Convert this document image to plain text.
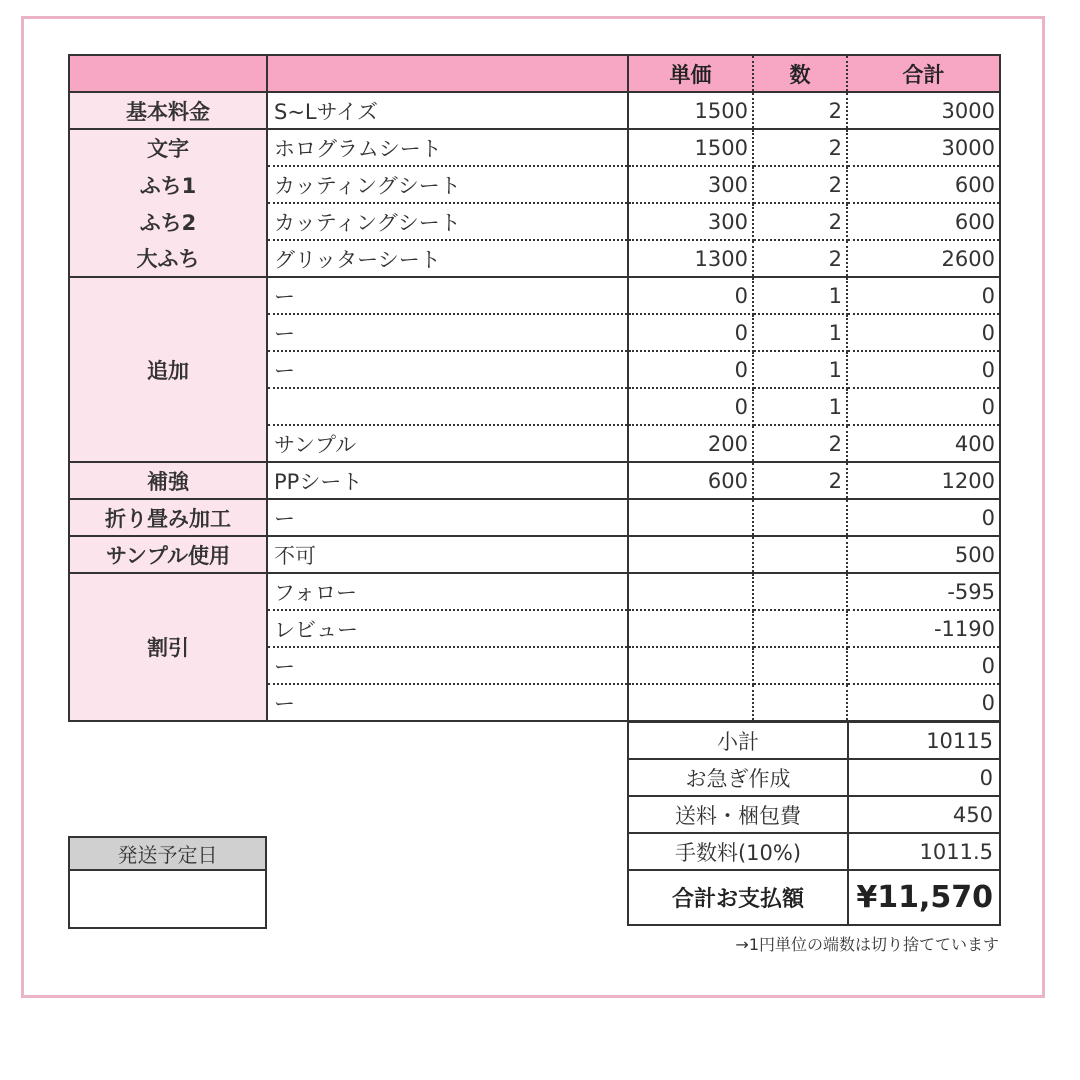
		単価	数	合計
基本料金	S~Lサイズ	1500	2	3000
文字	ホログラムシート	1500	2	3000
ふち1	カッティングシート	300	2	600
ふち2	カッティングシート	300	2	600
大ふち	グリッターシート	1300	2	2600
追加	ー	0	1	0
	ー	0	1	0
	ー	0	1	0
		0	1	0
	サンプル	200	2	400
補強	PPシート	600	2	1200
折り畳み加工	ー			0
サンプル使用	不可			500
割引	フォロー			-595
	レビュー			-1190
	ー			0
	ー			0
小計	10115
お急ぎ作成	0
送料・梱包費	450
手数料(10%)	1011.5
合計お支払額	¥11,570
→1円単位の端数は切り捨てています
発送予定日
